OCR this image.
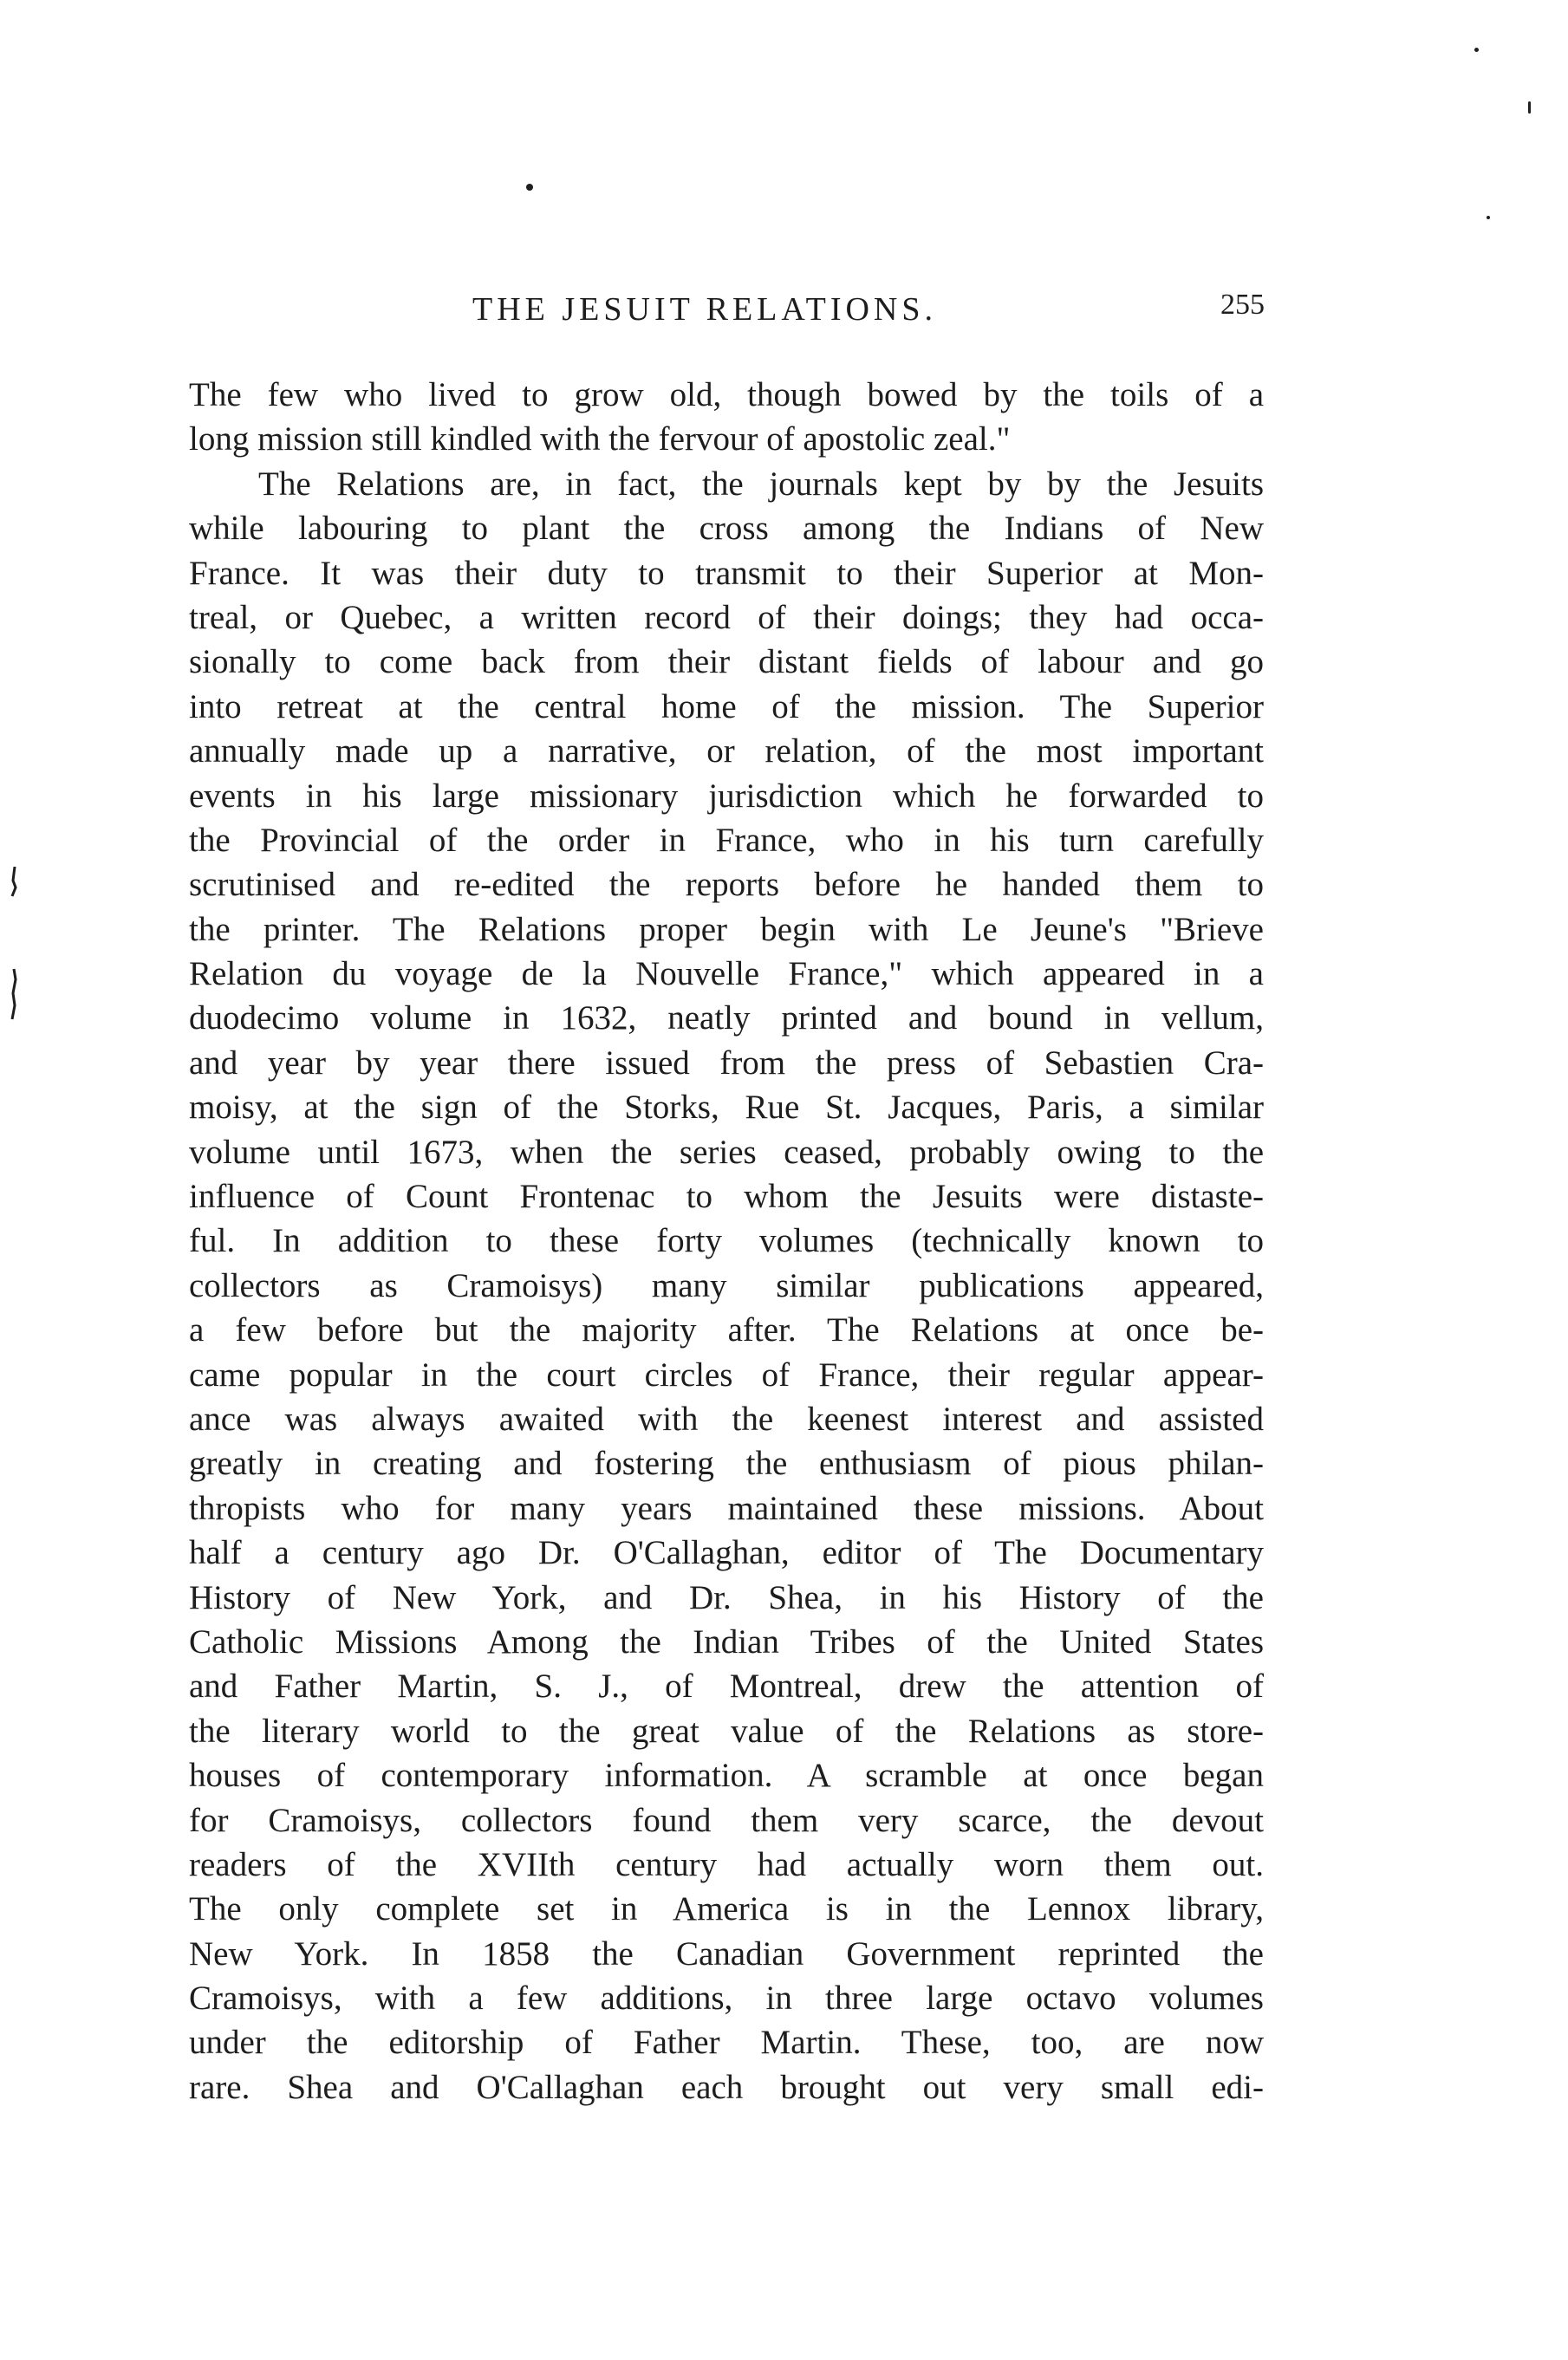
THE JESUIT RELATIONS.	255
The few who lived to grow old, though bowed by the toils of a
long mission still kindled with the fervour of apostolic zeal."
The Relations are, in fact, the journals kept by by the Jesuits
while labouring to plant the cross among the Indians of New
France. It was their duty to transmit to their Superior at Mon-
treal, or Quebec, a written record of their doings; they had occa-
sionally to come back from their distant fields of labour and go
into retreat at the central home of the mission. The Superior
annually made up a narrative, or relation, of the most important
events in his large missionary jurisdiction which he forwarded to
the Provincial of the order in France, who in his turn carefully
scrutinised and re-edited the reports before he handed them to
the printer. The Relations proper begin with Le Jeune's "Brieve
Relation du voyage de la Nouvelle France," which appeared in a
duodecimo volume in 1632, neatly printed and bound in vellum,
and year by year there issued from the press of Sebastien Cra-
moisy, at the sign of the Storks, Rue St. Jacques, Paris, a similar
volume until 1673, when the series ceased, probably owing to the
influence of Count Frontenac to whom the Jesuits were distaste-
ful. In addition to these forty volumes (technically known to
collectors as Cramoisys) many similar publications appeared,
a few before but the majority after. The Relations at once be-
came popular in the court circles of France, their regular appear-
ance was always awaited with the keenest interest and assisted
greatly in creating and fostering the enthusiasm of pious philan-
thropists who for many years maintained these missions. About
half a century ago Dr. O'Callaghan, editor of The Documentary
History of New York, and Dr. Shea, in his History of the
Catholic Missions Among the Indian Tribes of the United States
and Father Martin, S. J., of Montreal, drew the attention of
the literary world to the great value of the Relations as store-
houses of contemporary information. A scramble at once began
for Cramoisys, collectors found them very scarce, the devout
readers of the XVIIth century had actually worn them out.
The only complete set in America is in the Lennox library,
New York. In 1858 the Canadian Government reprinted the
Cramoisys, with a few additions, in three large octavo volumes
under the editorship of Father Martin. These, too, are now
rare. Shea and O'Callaghan each brought out very small edi-
